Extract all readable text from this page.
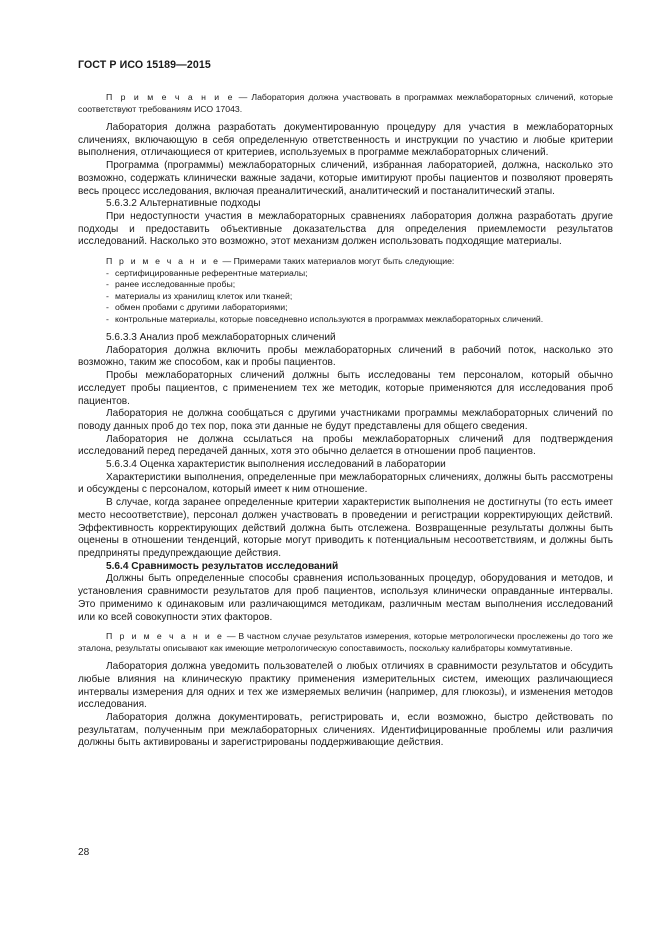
ГОСТ Р ИСО 15189—2015

П р и м е ч а н и е — Лаборатория должна участвовать в программах межлабораторных сличений, которые соответствуют требованиям ИСО 17043.

Лаборатория должна разработать документированную процедуру для участия в межлабораторных сличениях, включающую в себя определенную ответственность и инструкции по участию и любые критерии выполнения, отличающиеся от критериев, используемых в программе межлабораторных сличений.

Программа (программы) межлабораторных сличений, избранная лабораторией, должна, насколько это возможно, содержать клинически важные задачи, которые имитируют пробы пациентов и позволяют проверять весь процесс исследования, включая преаналитический, аналитический и постаналитический этапы.

5.6.3.2 Альтернативные подходы

При недоступности участия в межлабораторных сравнениях лаборатория должна разработать другие подходы и предоставить объективные доказательства для определения приемлемости результатов исследований. Насколько это возможно, этот механизм должен использовать подходящие материалы.

П р и м е ч а н и е — Примерами таких материалов могут быть следующие:

- сертифицированные референтные материалы;
- ранее исследованные пробы;
- материалы из хранилищ клеток или тканей;
- обмен пробами с другими лабораториями;
- контрольные материалы, которые повседневно используются в программах межлабораторных сличений.

5.6.3.3 Анализ проб межлабораторных сличений

Лаборатория должна включить пробы межлабораторных сличений в рабочий поток, насколько это возможно, таким же способом, как и пробы пациентов.

Пробы межлабораторных сличений должны быть исследованы тем персоналом, который обычно исследует пробы пациентов, с применением тех же методик, которые применяются для исследования проб пациентов.

Лаборатория не должна сообщаться с другими участниками программы межлабораторных сличений по поводу данных проб до тех пор, пока эти данные не будут представлены для общего сведения.

Лаборатория не должна ссылаться на пробы межлабораторных сличений для подтверждения исследований перед передачей данных, хотя это обычно делается в отношении проб пациентов.

5.6.3.4 Оценка характеристик выполнения исследований в лаборатории

Характеристики выполнения, определенные при межлабораторных сличениях, должны быть рассмотрены и обсуждены с персоналом, который имеет к ним отношение.

В случае, когда заранее определенные критерии характеристик выполнения не достигнуты (то есть имеет место несоответствие), персонал должен участвовать в проведении и регистрации корректирующих действий. Эффективность корректирующих действий должна быть отслежена. Возвращенные результаты должны быть оценены в отношении тенденций, которые могут приводить к потенциальным несоответствиям, и должны быть предприняты предупреждающие действия.

5.6.4 Сравнимость результатов исследований

Должны быть определенные способы сравнения использованных процедур, оборудования и методов, и установления сравнимости результатов для проб пациентов, используя клинически оправданные интервалы. Это применимо к одинаковым или различающимся методикам, различным местам выполнения исследований или ко всей совокупности этих факторов.

П р и м е ч а н и е — В частном случае результатов измерения, которые метрологически прослежены до того же эталона, результаты описывают как имеющие метрологическую сопоставимость, поскольку калибраторы коммутативные.

Лаборатория должна уведомить пользователей о любых отличиях в сравнимости результатов и обсудить любые влияния на клиническую практику применения измерительных систем, имеющих различающиеся интервалы измерения для одних и тех же измеряемых величин (например, для глюкозы), и изменения методов исследования.

Лаборатория должна документировать, регистрировать и, если возможно, быстро действовать по результатам, полученным при межлабораторных сличениях. Идентифицированные проблемы или различия должны быть активированы и зарегистрированы поддерживающие действия.

28
